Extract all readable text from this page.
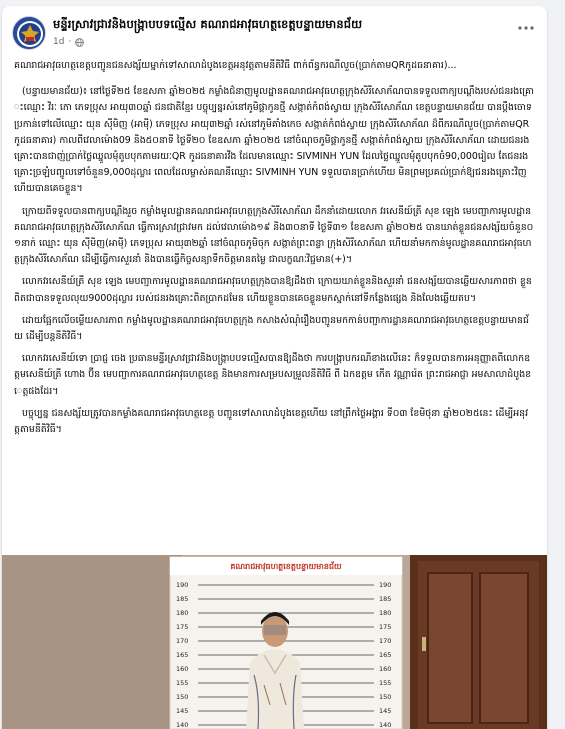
មន្ទីរស្រាវជ្រាវនិងបង្រ្កាបបទល្មើស គណរាជអាវុធហត្ថខេត្តបន្ទាយមានជ័យ
1d ·

គណរាជអាវុធហត្ថខេត្តបញ្ជូនជនសង្ស័យម្នាក់ទៅសាលាដំបូងខេត្តអនុវត្តតាមនីតិវិធី ពាក់ព័ន្ធករណីលួច(ប្រាក់តាមQRកូដធនាគារ)...

(បន្ទាយមានជ័យ)៖ នៅថ្ងៃទី២៥ ខែឧសភា ឆ្នាំ២០២៥ កម្លាំងជំនាញមូលដ្ឋានគណរាជអាវុធហត្ថក្រុងសិរីសោភ័ណបានទទួលពាក្យបណ្ដឹងរបស់ជនរងគ្រោះឈ្មោះ វិរៈ កោ ភេទប្រុស អាយុ៣០ឆ្នាំ ជនជាតិខ្មែរ បច្ចុប្បន្នរស់នៅភូមិផ្គាកូនថ្មី សង្កាត់កំពង់ស្វាយ ក្រុងសិរីសោភ័ណ ខេត្តបន្ទាយមានជ័យ បានប្តឹងចោទប្រកាន់ទៅលើឈ្មោះ យុន ស៊ីមិញ (អាមុី) ភេទប្រុស អាយុ៣២ឆ្នាំ រស់នៅភូមិគាំងកេច សង្កាត់កំពង់ស្វាយ ក្រុងសិរីសោភ័ណ ដ៏ពីករណីលួច(ប្រាក់តាមQRកូដធនាគារ) កាលពីវេលាម៉ោង09 និង៥០នាទី ថ្ងៃទី២០ ខែឧសភា ឆ្នាំ២០២៥ នៅចំណុចភូមិផ្គាកូនថ្មី សង្កាត់កំពង់ស្វាយ ក្រុងសិរីសោភ័ណ ដោយជនរងគ្រោះបានជាញ់ប្រាក់ថ្លៃឈ្នួលមុំតូបបុកតាមរយៈQR កូដធនាគារវីង ដែលមានឈ្មោះ SIVMINH YUN ដែលថ្លៃឈ្នួលមុំតូបបុកចំ90,000រៀល តែជនរងគ្រោះច្រឡំបញ្ចូលទៅចំនួន9,000ដុល្លារ ពេលដែលម្ចាស់គណនីឈ្មោះ SIVMINH YUN ទទួលបានប្រាក់ហើយ មិនព្រមប្រគល់ប្រាក់ឱ្យជនរងគ្រោះវិញ ហើយបានគេចខ្លួន។

ក្រោយពីទទួលបានពាក្យបណ្ដឹងរួច កម្លាំងមូលដ្ឋានគណរាជអាវុធហត្ថក្រុងសិរីសោភ័ណ ដឹកនាំដោយលោក វរសេនីយ៍ត្រី សុខ ឡេង មេបញ្ជាការមូលដ្ឋានគណរាជអាវុធហត្ថក្រុងសិរីសោភ័ណ ធ្វើការស្រាវជ្រាវមក ដល់វេលាម៉ោង១៩ និង៣០នាទី ថ្ងៃទី៣១ ខែឧសភា ឆ្នាំ២០២៥ បានឃាត់ខ្លួនជនសង្ស័យចំនួន០១នាក់ ឈ្មោះ យុន ស៊ីមិញ(អាមុី) ភេទប្រុស អាយុ៣២ឆ្នាំ នៅចំណុចភូមិចុក សង្កាត់ព្រះពន្លា ក្រុងសិរីសោភ័ណ ហើយនាំមកកាន់មូលដ្ឋានគណរាជអាវុធហត្ថក្រុងសិរីសោភ័ណ ដើម្បីធ្វើការសួរនាំ និងបានធ្វើកិច្ចសន្យាទឹកចិត្តមានតម្លៃ ជាលក្ខណៈវិជ្ជមាន(+)។

លោកវរសេនីយ៍ត្រី សុខ ឡេង មេបញ្ជាការមូលដ្ឋានគណរាជអាវុធហត្ថក្រុងបានឱ្យដឹងថា ក្រោយឃាត់ខ្លួននិងសួរនាំ ជនសង្ស័យបានឆ្លើយសារភាពថា ខ្លួនពិតជាបានទទួលលុយ9000ដុល្លារ របស់ជនរងគ្រោះពិតប្រាកដមែន ហើយខ្លួនបានគេចខ្លួនមកស្នាក់នៅទីកន្លែងផ្សេង និងលែងឆ្លើយតប។

ដោយផ្អែកលើចម្លើយសារភាព កម្លាំងមូលដ្ឋានគណរាជអាវុធហត្ថក្រុង កសាងសំណុំរឿងបញ្ជូនមកកាន់បញ្ជាការដ្ឋានគណរាជអាវុធហត្ថខេត្តបន្ទាយមានជ័យ ដើម្បីបន្តនីតិវិធី។

លោកវរសេនីយ៍ទោ ប្រាជ្ញ ចេង ប្រធានមន្ទីរស្រាវជ្រាវនិងបង្ក្រាបបទល្មើសបានឱ្យដឹងថា ការបង្រ្កាបករណីខាងលើនេះ ក៏ទទួលបានការអនុញ្ញាតពីលោកឧត្តមសេនីយ៍ត្រី ហោង ប៊ីន មេបញ្ជាការគណរាជអាវុធហត្ថខេត្ត និងមានការសម្របសម្រួលនីតិវិធី ពី ឯកឧត្តម កើត វណ្ណារ៉េត ព្រះរាជអាជ្ញា អមសាលាដំបូងខេត្តផងដែរ។

បច្ចុប្បន្ន ជនសង្ស័យត្រូវបានកម្លាំងគណរាជអាវុធហត្ថខេត្ត បញ្ជូនទៅសាលាដំបូងខេត្តហើយ នៅព្រឹកថ្ងៃអង្គារ ទី០៣ ខែមិថុនា ឆ្នាំ២០២៥នេះ ដើម្បីអនុវត្តតាមនីតិវិធី។

គណរាជអាវុធហត្ថខេត្តបន្ទាយមានជ័យ
190
185
180
175
170
165
160
155
150
145
140
190
185
180
175
170
165
160
155
150
145
140
